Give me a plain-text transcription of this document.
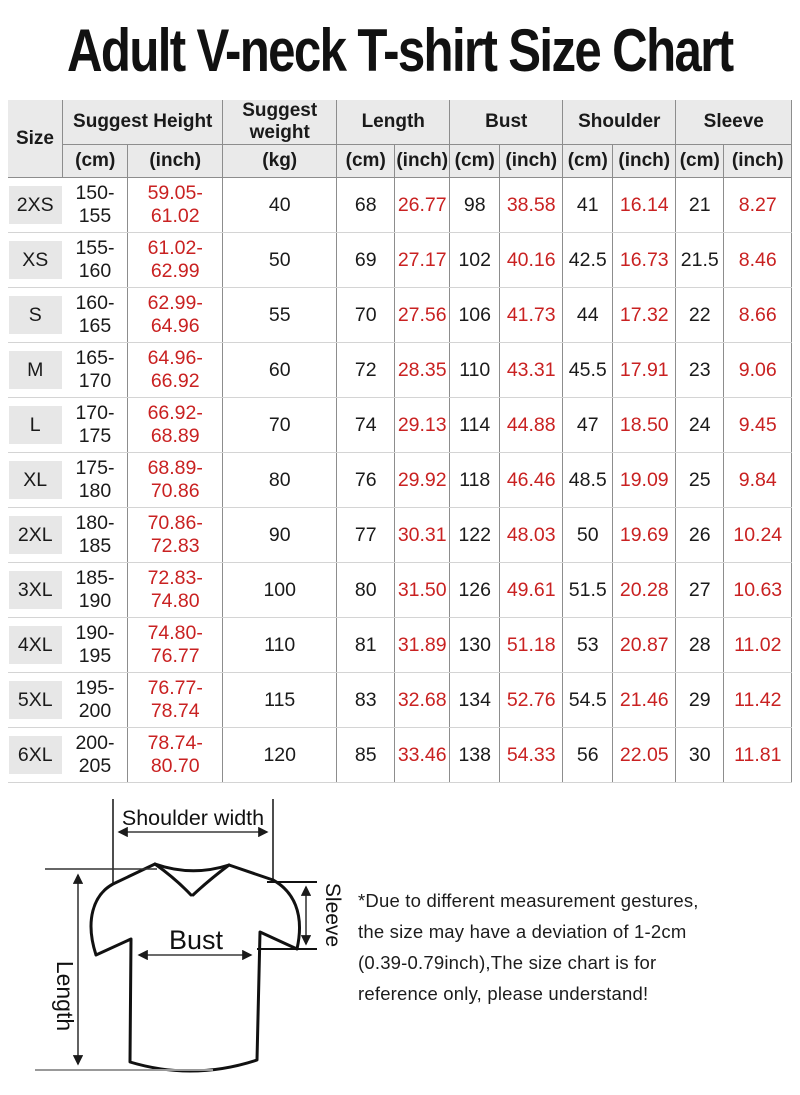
Adult V-neck T-shirt Size Chart
Size	Suggest Height		Suggest weight	Length		Bust		Shoulder		Sleeve	
	(cm)	(inch)	(kg)	(cm)	(inch)	(cm)	(inch)	(cm)	(inch)	(cm)	(inch)
2XS	150-155	59.05-61.02	40	68	26.77	98	38.58	41	16.14	21	8.27
XS	155-160	61.02-62.99	50	69	27.17	102	40.16	42.5	16.73	21.5	8.46
S	160-165	62.99-64.96	55	70	27.56	106	41.73	44	17.32	22	8.66
M	165-170	64.96-66.92	60	72	28.35	110	43.31	45.5	17.91	23	9.06
L	170-175	66.92-68.89	70	74	29.13	114	44.88	47	18.50	24	9.45
XL	175-180	68.89-70.86	80	76	29.92	118	46.46	48.5	19.09	25	9.84
2XL	180-185	70.86-72.83	90	77	30.31	122	48.03	50	19.69	26	10.24
3XL	185-190	72.83-74.80	100	80	31.50	126	49.61	51.5	20.28	27	10.63
4XL	190-195	74.80-76.77	110	81	31.89	130	51.18	53	20.87	28	11.02
5XL	195-200	76.77-78.74	115	83	32.68	134	52.76	54.5	21.46	29	11.42
6XL	200-205	78.74-80.70	120	85	33.46	138	54.33	56	22.05	30	11.81
Shoulder width
Bust
Length
Sleeve *Due to different measurement gestures,
the size may have a deviation of 1-2cm
(0.39-0.79inch),The size chart is for
reference only, please understand!
